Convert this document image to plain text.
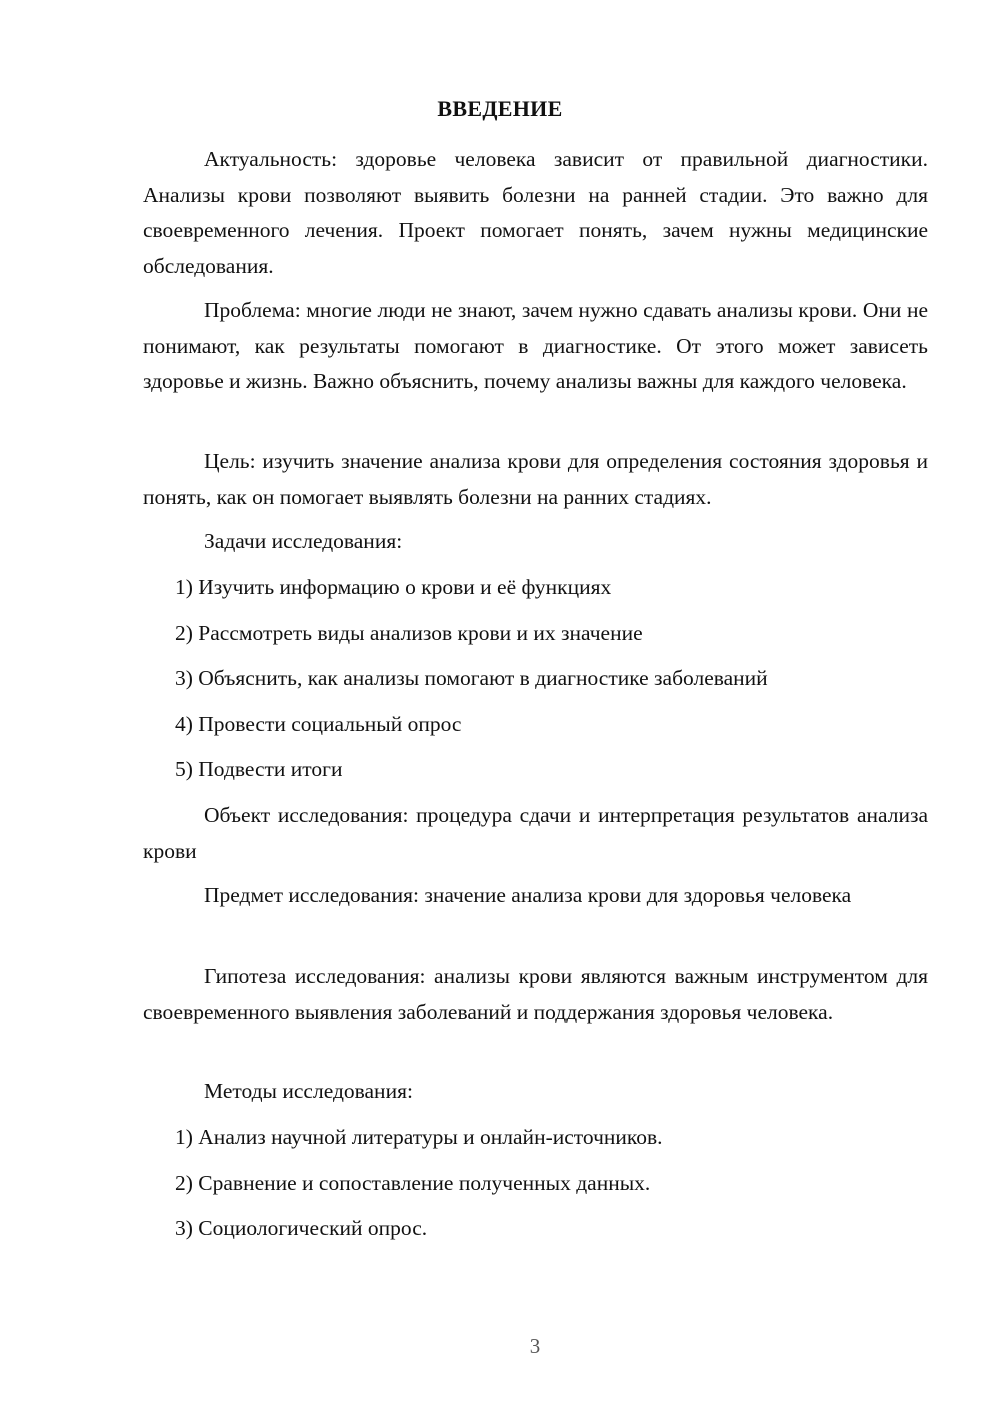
ВВЕДЕНИЕ

Актуальность: здоровье человека зависит от правильной диагностики. Анализы крови позволяют выявить болезни на ранней стадии. Это важно для своевременного лечения. Проект помогает понять, зачем нужны медицинские обследования.

Проблема: многие люди не знают, зачем нужно сдавать анализы крови. Они не понимают, как результаты помогают в диагностике. От этого может зависеть здоровье и жизнь. Важно объяснить, почему анализы важны для каждого человека.

Цель: изучить значение анализа крови для определения состояния здоровья и понять, как он помогает выявлять болезни на ранних стадиях.

Задачи исследования:

1) Изучить информацию о крови и её функциях
2) Рассмотреть виды анализов крови и их значение
3) Объяснить, как анализы помогают в диагностике заболеваний
4) Провести социальный опрос
5) Подвести итоги

Объект исследования: процедура сдачи и интерпретация результатов анализа крови

Предмет исследования: значение анализа крови для здоровья человека

Гипотеза исследования: анализы крови являются важным инструментом для своевременного выявления заболеваний и поддержания здоровья человека.

Методы исследования:

1) Анализ научной литературы и онлайн-источников.
2) Сравнение и сопоставление полученных данных.
3) Социологический опрос.

3
